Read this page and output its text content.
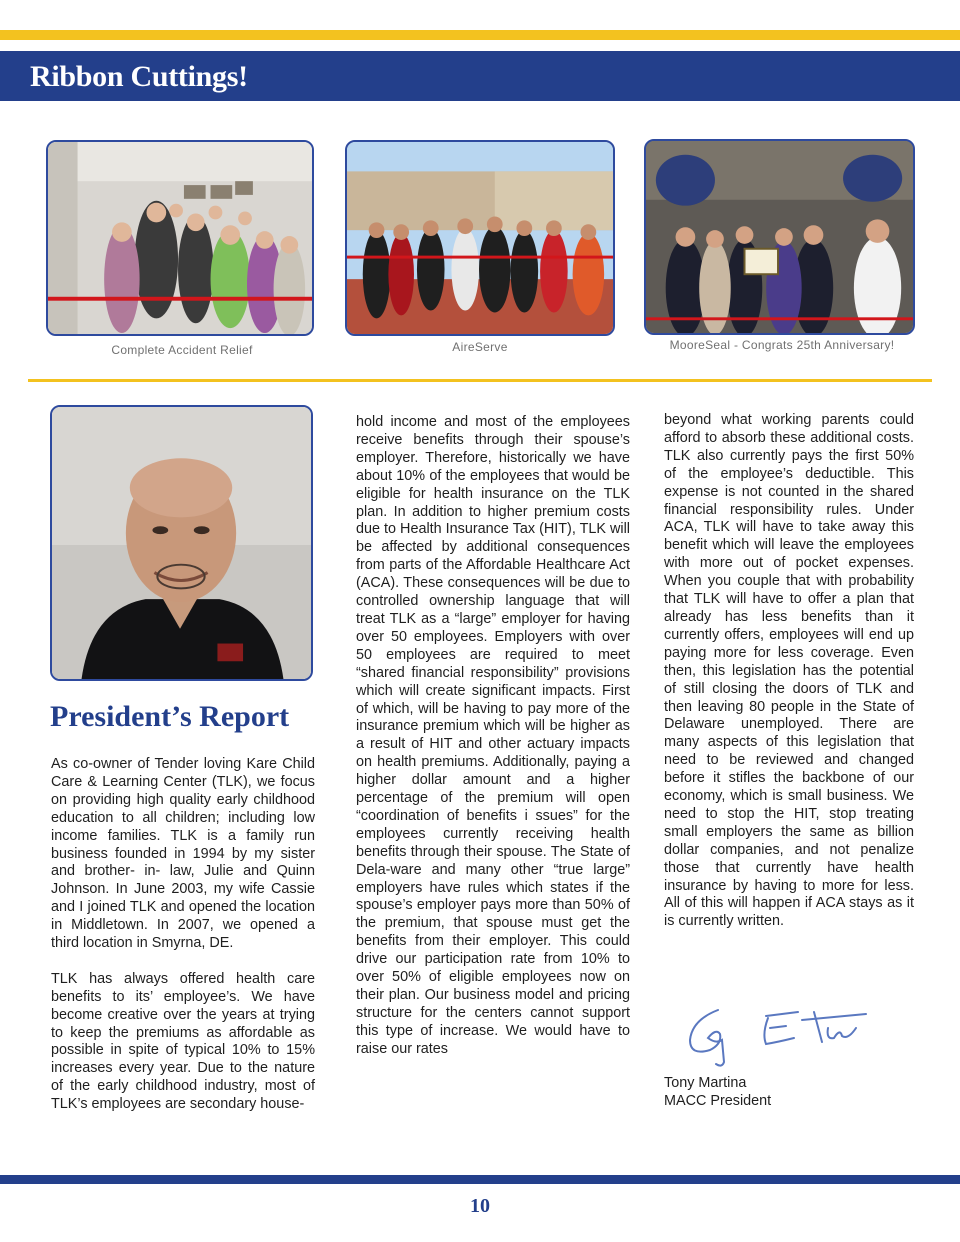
Ribbon Cuttings!
Complete Accident Relief	AireServe	MooreSeal - Congrats 25th Anniversary!
President’s Report

As co-owner of Tender loving Kare Child Care & Learning Center (TLK), we focus on providing high quality early childhood education to all children; including low income families. TLK is a family run business founded in 1994 by my sister and brother- in- law, Julie and Quinn Johnson. In June 2003, my wife Cassie and I joined TLK and opened the location in Middletown. In 2007, we opened a third location in Smyrna, DE.

TLK has always offered health care benefits to its’ employee’s. We have become creative over the years at trying to keep the premiums as affordable as possible in spite of typical 10% to 15% increases every year. Due to the nature of the early childhood industry, most of TLK’s employees are secondary house-

hold income and most of the employees receive benefits through their spouse’s employer. Therefore, historically we have about 10% of the employees that would be eligible for health insurance on the TLK plan. In addition to higher premium costs due to Health Insurance Tax (HIT), TLK will be affected by additional consequences from parts of the Affordable Healthcare Act (ACA). These consequences will be due to controlled ownership language that will treat TLK as a “large” employer for having over 50 employees. Employers with over 50 employees are required to meet “shared financial responsibility” provisions which will create significant impacts. First of which, will be having to pay more of the insurance premium which will be higher as a result of HIT and other actuary impacts on health premiums. Additionally, paying a higher dollar amount and a higher percentage of the premium will open “coordination of benefits i ssues” for the employees currently receiving health benefits through their spouse. The State of Dela-ware and many other “true large” employers have rules which states if the spouse’s employer pays more than 50% of the premium, that spouse must get the benefits from their employer. This could drive our participation rate from 10% to over 50% of eligible employees now on their plan. Our business model and pricing structure for the centers cannot support this type of increase. We would have to raise our rates

beyond what working parents could afford to absorb these additional costs. TLK also currently pays the first 50% of the employee’s deductible. This expense is not counted in the shared financial responsibility rules. Under ACA, TLK will have to take away this benefit which will leave the employees with more out of pocket expenses. When you couple that with probability that TLK will have to offer a plan that already has less benefits than it currently offers, employees will end up paying more for less coverage. Even then, this legislation has the potential of still closing the doors of TLK and then leaving 80 people in the State of Delaware unemployed. There are many aspects of this legislation that need to be reviewed and changed before it stifles the backbone of our economy, which is small business. We need to stop the HIT, stop treating small employers the same as billion dollar companies, and not penalize those that currently have health insurance by having to more for less. All of this will happen if ACA stays as it is currently written.

Tony Martina
MACC President
10
